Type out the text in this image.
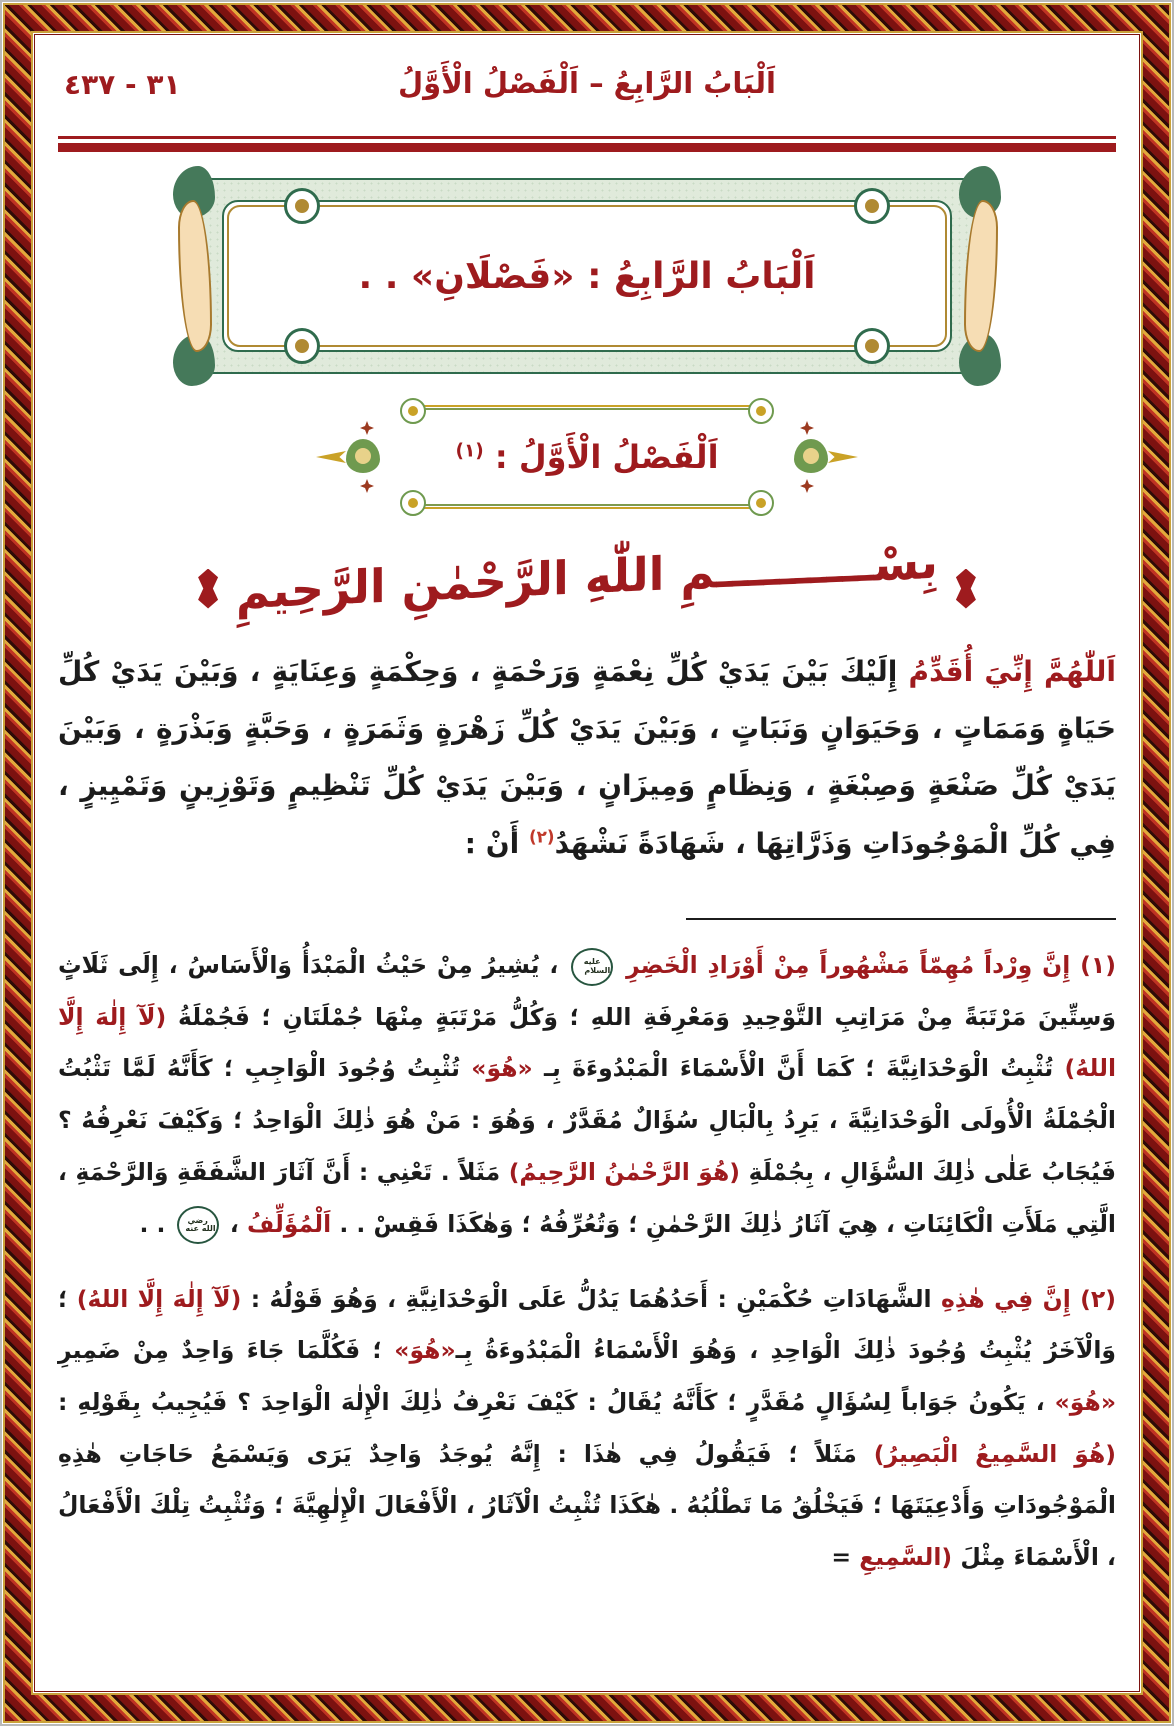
اَلْبَابُ الرَّابِعُ – اَلْفَصْلُ الْأَوَّلُ
٣١ - ٤٣٧
اَلْبَابُ الرَّابِعُ : «فَصْلَانِ» . .
اَلْفَصْلُ الْأَوَّلُ : $^{(١)}$
بِسْــــــــــمِ اللّٰهِ الرَّحْمٰنِ الرَّحِيمِ

اَللّٰهُمَّ إِنِّيَ أُقَدِّمُ إِلَيْكَ بَيْنَ يَدَيْ كُلِّ نِعْمَةٍ وَرَحْمَةٍ ، وَحِكْمَةٍ وَعِنَايَةٍ ، وَبَيْنَ يَدَيْ كُلِّ حَيَاةٍ وَمَمَاتٍ ، وَحَيَوَانٍ وَنَبَاتٍ ، وَبَيْنَ يَدَيْ كُلِّ زَهْرَةٍ وَثَمَرَةٍ ، وَحَبَّةٍ وَبَذْرَةٍ ، وَبَيْنَ يَدَيْ كُلِّ صَنْعَةٍ وَصِبْغَةٍ ، وَنِظَامٍ وَمِيزَانٍ ، وَبَيْنَ يَدَيْ كُلِّ تَنْظِيمٍ وَتَوْزِينٍ وَتَمْيِيزٍ ، فِي كُلِّ الْمَوْجُودَاتِ وَذَرَّاتِهَا ، شَهَادَةً نَشْهَدُ$^{(٢)}$ أَنْ :

(١) إِنَّ وِرْداً مُهِمّاً مَشْهُوراً مِنْ أَوْرَادِ الْخَضِرِ عليه السلام ، يُشِيرُ مِنْ حَيْثُ الْمَبْدَأُ وَالْأَسَاسُ ، إِلَى ثَلَاثٍ وَسِتِّينَ مَرْتَبَةً مِنْ مَرَاتِبِ التَّوْحِيدِ وَمَعْرِفَةِ اللهِ ؛ وَكُلُّ مَرْتَبَةٍ مِنْهَا جُمْلَتَانِ ؛ فَجُمْلَةُ (لَآ إِلٰهَ إِلَّا اللهُ) تُثْبِتُ الْوَحْدَانِيَّةَ ؛ كَمَا أَنَّ الْأَسْمَاءَ الْمَبْدُوءَةَ بِـ «هُوَ» تُثْبِتُ وُجُودَ الْوَاجِبِ ؛ كَأَنَّهُ لَمَّا تَثْبُتُ الْجُمْلَةُ الْأُولَى الْوَحْدَانِيَّةَ ، يَرِدُ بِالْبَالِ سُؤَالٌ مُقَدَّرٌ ، وَهُوَ : مَنْ هُوَ ذٰلِكَ الْوَاحِدُ ؛ وَكَيْفَ نَعْرِفُهُ ؟ فَيُجَابُ عَلٰى ذٰلِكَ السُّؤَالِ ، بِجُمْلَةِ (هُوَ الرَّحْمٰنُ الرَّحِيمُ) مَثَلاً . تَعْنِي : أَنَّ آثَارَ الشَّفَقَةِ وَالرَّحْمَةِ ، الَّتِي مَلَأَتِ الْكَائِنَاتِ ، هِيَ آثَارُ ذٰلِكَ الرَّحْمٰنِ ؛ وَتُعُرِّفُهُ ؛ وَهٰكَذَا فَقِسْ . . اَلْمُؤَلِّفُ ، رضي الله عنه . .

(٢) إِنَّ فِي هٰذِهِ الشَّهَادَاتِ حُكْمَيْنِ : أَحَدُهُمَا يَدُلُّ عَلَى الْوَحْدَانِيَّةِ ، وَهُوَ قَوْلُهُ : (لَآ إِلٰهَ إِلَّا اللهُ) ؛ وَالْآخَرُ يُثْبِتُ وُجُودَ ذٰلِكَ الْوَاحِدِ ، وَهُوَ الْأَسْمَاءُ الْمَبْدُوءَةُ بِـ«هُوَ» ؛ فَكُلَّمَا جَاءَ وَاحِدٌ مِنْ ضَمِيرِ «هُوَ» ، يَكُونُ جَوَاباً لِسُؤَالٍ مُقَدَّرٍ ؛ كَأَنَّهُ يُقَالُ : كَيْفَ نَعْرِفُ ذٰلِكَ الْإِلٰهَ الْوَاحِدَ ؟ فَيُجِيبُ بِقَوْلِهِ : (هُوَ السَّمِيعُ الْبَصِيرُ) مَثَلاً ؛ فَيَقُولُ فِي هٰذَا : إِنَّهُ يُوجَدُ وَاحِدٌ يَرَى وَيَسْمَعُ حَاجَاتِ هٰذِهِ الْمَوْجُودَاتِ وَأَدْعِيَتَهَا ؛ فَيَخْلُقُ مَا تَطْلُبُهُ . هٰكَذَا تُثْبِتُ الْآثَارُ ، الْأَفْعَالَ الْإِلٰهِيَّةَ ؛ وَتُثْبِتُ تِلْكَ الْأَفْعَالُ ، الْأَسْمَاءَ مِثْلَ (السَّمِيعِ =
